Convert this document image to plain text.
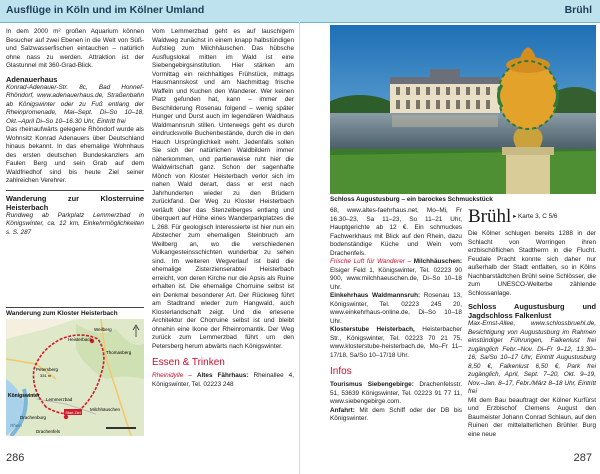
Ausflüge in Köln und im Kölner Umland

In dem 2000 m² großen Aquarium können Besucher auf zwei Ebenen in die Welt von Süß- und Salzwasserfischen eintauchen – natürlich ohne nass zu werden. Attraktion ist der Glastunnel mit 360-Grad-Blick.

Adenauerhaus

Konrad-Adenauer-Str. 8c, Bad Honnef-Rhöndorf, www.adenauerhaus.de, Straßenbahn ab Königswinter oder zu Fuß entlang der Rheinpromenade, Mai–Sept. Di–So 10–18, Okt.–April Di–So 10–16.30 Uhr, Eintritt frei

Das rheinaufwärts gelegene Rhöndorf wurde als Wohnsitz Konrad Adenauers über Deutschland hinaus bekannt. In das ehemalige Wohnhaus des ersten deutschen Bundeskanzlers am Faulen Berg und sein Grab auf dem Waldfriedhof sind bis heute Ziel seiner zahlreichen Verehrer.

Wanderung zur Klosterruine Heisterbach

Rundweg ab Parkplatz Lemmerzbad in Königswinter, ca. 12 km, Einkehrmöglichkeiten s. S. 287

Wanderung zum Kloster Heisterbach
Start Ziel
Heisterbach
Weilberg
Thomasberg
Petersberg
331 m
Königswinter
Lemmerzbad
Drachenburg
Drachenfels
Milchhäuschen
Rhein

Vom Lemmerzbad geht es auf lauschigem Waldweg zunächst in einem knapp halbstündigen Aufstieg zum Milchhäuschen. Das hübsche Ausflugslokal mitten im Wald ist eine Siebengebirgsinstitution. Hier stärken am Vormittag ein reichhaltiges Frühstück, mittags Hausmannskost und am Nachmittag frische Waffeln und Kuchen den Wanderer. Wer keinen Platz gefunden hat, kann – immer der Beschilderung Rosenau folgend – wenig später Hunger und Durst auch im legendären Waldhaus Waldmannsruh stillen. Unterwegs geht es durch eindrucksvolle Buchenbestände, durch die in den Hauch Ursprünglichkeit weht. Jedenfalls sollen Sie sich der natürlichen Waldbildern immer näherkommen, und partienweise ruht hier die Waldwirtschaft ganz. Schon der sagenhafte Mönch von Kloster Heisterbach verlor sich im nahen Wald derart, dass er erst nach Jahrhunderten wieder zu den Brüdern zurückfand. Der Weg zu Kloster Heisterbach verläuft über das Stenzelberges entlang und überquert auf Höhe eines Wanderparkplatzes die L 268. Für geologisch Interessierte ist hier nun ein Abstecher zum ehemaligen Steinbruch am Weilberg an, wo die verschiedenen Vulkangesteinsschichten wunderbar zu sehen sind. Im weiteren Wegverlauf ist bald die ehemalige Zisterzienserabtei Heisterbach erreicht, von deren Kirche nur die Apsis als Ruine erhalten ist. Die ehemalige Chorruine selbst ist ein Denkmal besonderer Art. Der Rückweg führt am Stadtrand wieder zum Hangwald, auch Klosterlandschaft zeigt. Und die erlesene Architektur der Chorruine selbst ist und bleibt ohnehin eine Ikone der Rheinromantik. Der Weg zurück zum Lemmerzbad führt um den Petersberg herum abwärts nach Königswinter.

Essen & Trinken

Rheinidylle – Altes Fährhaus: Rheinallee 4, Königswinter, Tel. 02223 248

286
Brühl
Schloss Augustusburg – ein barockes Schmuckstück

68, www.altes-faehrhaus.net, Mo–Mi, Fr 16.30–23, Sa 11–23, So 11–21 Uhr, Hauptgerichte ab 12 €. Ein schmuckes Fachwerkhaus mit Blick auf den Rhein, dazu bodenständige Küche und Wein vom Drachenfels.

Frische Luft für Wanderer – Milchhäuschen: Elsiger Feld 1, Königswinter, Tel. 02223 90 900, www.milchhaeuschen.de, Di–So 10–18 Uhr.

Einkehrhaus Waldmannsruh: Rosenau 13, Königswinter, Tel. 02223 245 20, www.einkehrhaus-online.de, Di–So 10–18 Uhr.

Klosterstube Heisterbach, Heisterbacher Str., Königswinter, Tel. 02223 70 21 75, www.klosterstube-heisterbach.de, Mo–Fr 11–17/18, Sa/So 10–17/18 Uhr.

Infos

Tourismus Siebengebirge: Drachenfelsstr. 51, 53639 Königswinter, Tel. 02223 91 77 11, www.siebengebirge.com.

Anfahrt: Mit dem Schiff oder der DB bis Königswinter.

Brühl ▸ Karte 3, C 5/6

Die Kölner schlugen bereits 1288 in der Schlacht von Worringen ihren erzbischöflichen Stadtherrn in die Flucht. Feudale Pracht konnte sich daher nur außerhalb der Stadt entfalten, so in Kölns Nachbarstädtchen Brühl seine Schlösser, die zum UNESCO-Welterbe zählende Schlossanlage.

Schloss Augustusburg und Jagdschloss Falkenlust

Max-Ernst-Allee, www.schlossbruehl.de, Besichtigung von Augustusburg im Rahmen einstündiger Führungen, Falkenlust frei zugänglich Febr.–Nov. Di–Fr 9–12, 13.30–16, Sa/So 10–17 Uhr, Eintritt Augustusburg 8,50 €, Falkenlust 6,50 €, Park frei zugänglich, April, Sept. 7–20, Okt. 9–19, Nov.–Jan. 8–17, Febr./März 8–18 Uhr, Eintritt frei

Mit dem Bau beauftragt der Kölner Kurfürst und Erzbischof Clemens August den Baumeister Johann Conrad Schlaun, auf den Ruinen der mittelalterlichen Brühler Burg eine neue

287
